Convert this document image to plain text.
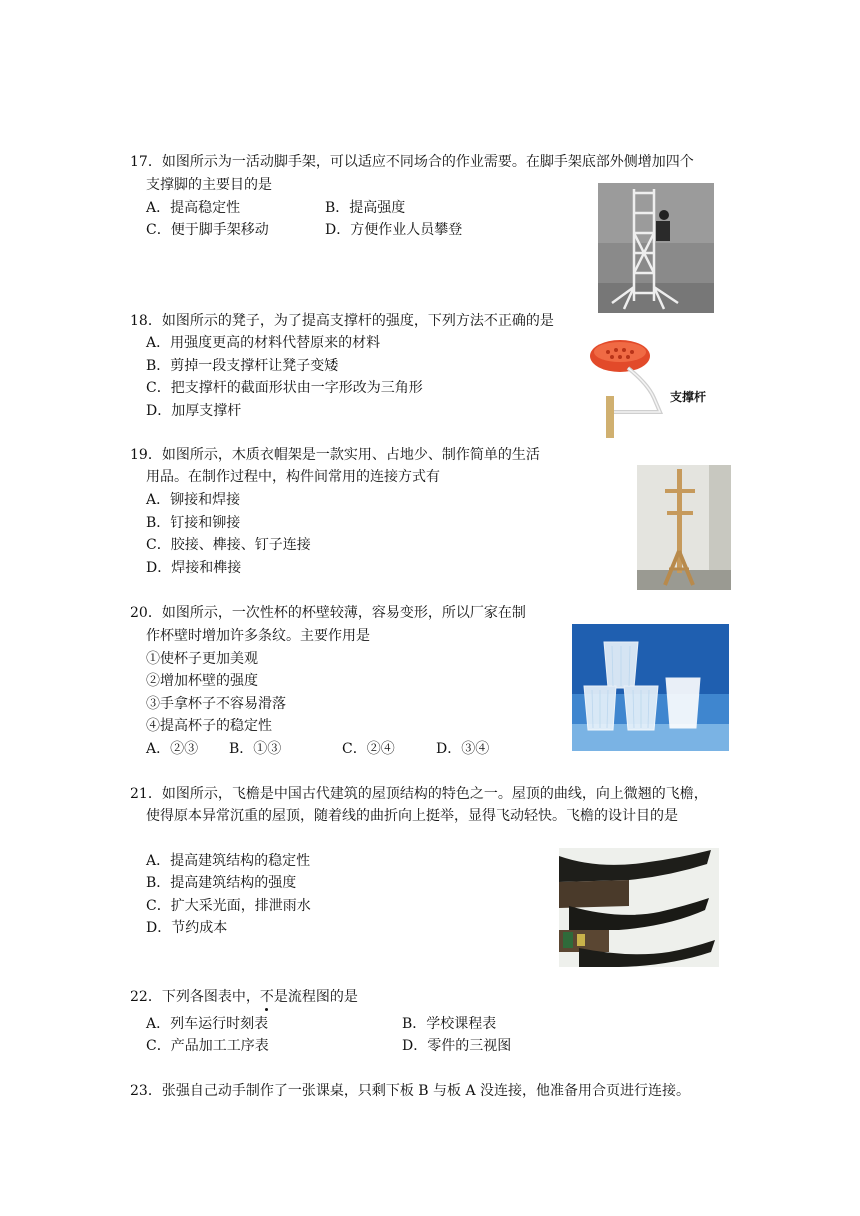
17．如图所示为一活动脚手架，可以适应不同场合的作业需要。在脚手架底部外侧增加四个
支撑脚的主要目的是
A．提高稳定性	B．提高强度
C．便于脚手架移动	D．方便作业人员攀登
18．如图所示的凳子，为了提高支撑杆的强度，下列方法不正确的是
A．用强度更高的材料代替原来的材料
B．剪掉一段支撑杆让凳子变矮
C．把支撑杆的截面形状由一字形改为三角形
D．加厚支撑杆
支撑杆
19．如图所示，木质衣帽架是一款实用、占地少、制作简单的生活
用品。在制作过程中，构件间常用的连接方式有
A．铆接和焊接
B．钉接和铆接
C．胶接、榫接、钉子连接
D．焊接和榫接
20．如图所示，一次性杯的杯壁较薄，容易变形，所以厂家在制
作杯壁时增加许多条纹。主要作用是
①使杯子更加美观
②增加杯壁的强度
③手拿杯子不容易滑落
④提高杯子的稳定性
A．②③ B．①③	C．②④	D．③④
21．如图所示，飞檐是中国古代建筑的屋顶结构的特色之一。屋顶的曲线，向上微翘的飞檐，
使得原本异常沉重的屋顶，随着线的曲折向上挺举，显得飞动轻快。飞檐的设计目的是
A．提高建筑结构的稳定性
B．提高建筑结构的强度
C．扩大采光面，排泄雨水
D．节约成本
22．下列各图表中，不是流程图的是
A．列车运行时刻表	B．学校课程表
C．产品加工工序表	D．零件的三视图
23．张强自己动手制作了一张课桌，只剩下板 B 与板 A 没连接，他准备用合页进行连接。
